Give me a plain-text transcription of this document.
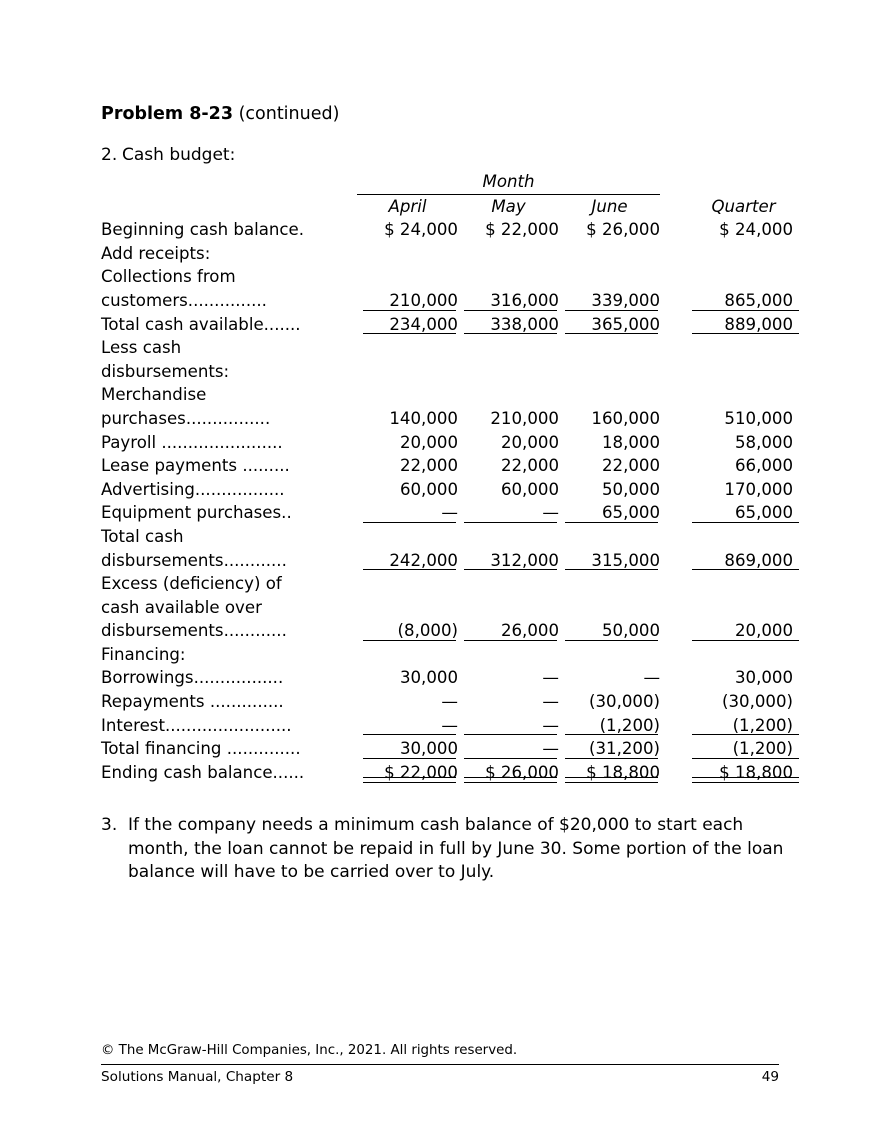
Problem 8-23 (continued)
2. Cash budget:
	Month				
	April	May	June		Quarter
Beginning cash balance.	$ 24,000	$ 22,000	$ 26,000		$ 24,000
Add receipts:					
Collections from					
customers...............	210,000	316,000	339,000		865,000
Total cash available.......	234,000	338,000	365,000		889,000
Less cash					
disbursements:					
Merchandise					
purchases................	140,000	210,000	160,000		510,000
Payroll .......................	20,000	20,000	18,000		58,000
Lease payments .........	22,000	22,000	22,000		66,000
Advertising.................	60,000	60,000	50,000		170,000
Equipment purchases..	—	—	65,000		65,000
Total cash					
disbursements............	242,000	312,000	315,000		869,000
Excess (deficiency) of					
cash available over					
disbursements............	(8,000)	26,000	50,000		20,000
Financing:					
Borrowings.................	30,000	—	—		30,000
Repayments ..............	—	—	(30,000)		(30,000)
Interest........................	—	—	(1,200)		(1,200)
Total financing ..............	30,000	—	(31,200)		(1,200)
Ending cash balance......	$ 22,000	$ 26,000	$ 18,800		$ 18,800
3. If the company needs a minimum cash balance of $20,000 to start each month, the loan cannot be repaid in full by June 30. Some portion of the loan balance will have to be carried over to July.
© The McGraw-Hill Companies, Inc., 2021. All rights reserved.
Solutions Manual, Chapter 8	49
